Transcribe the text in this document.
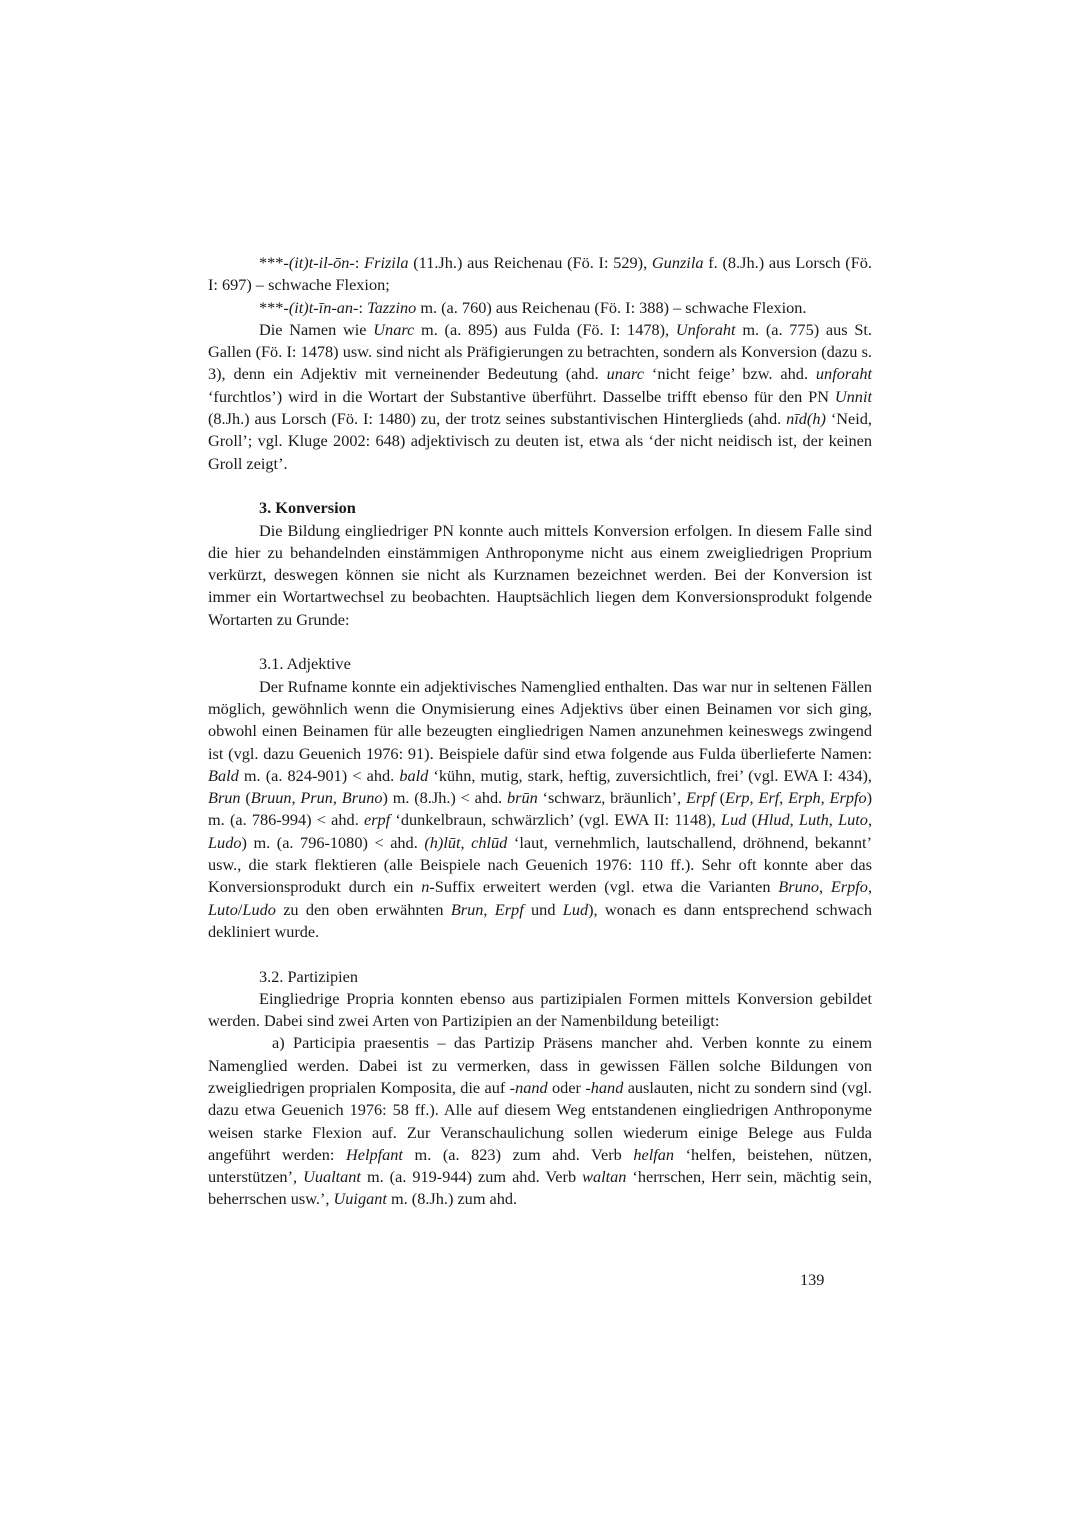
***-(it)t-il-ōn-: Frizila (11.Jh.) aus Reichenau (Fö. I: 529), Gunzila f. (8.Jh.) aus Lorsch (Fö. I: 697) – schwache Flexion;

***-(it)t-īn-an-: Tazzino m. (a. 760) aus Reichenau (Fö. I: 388) – schwache Flexion.

Die Namen wie Unarc m. (a. 895) aus Fulda (Fö. I: 1478), Unforaht m. (a. 775) aus St. Gallen (Fö. I: 1478) usw. sind nicht als Präfigierungen zu betrachten, sondern als Konversion (dazu s. 3), denn ein Adjektiv mit verneinender Bedeutung (ahd. unarc ‘nicht feige’ bzw. ahd. unforaht ‘furchtlos’) wird in die Wortart der Substantive überführt. Dasselbe trifft ebenso für den PN Unnit (8.Jh.) aus Lorsch (Fö. I: 1480) zu, der trotz seines substantivischen Hinterglieds (ahd. nīd(h) ‘Neid, Groll’; vgl. Kluge 2002: 648) adjektivisch zu deuten ist, etwa als ‘der nicht neidisch ist, der keinen Groll zeigt’.

3. Konversion

Die Bildung eingliedriger PN konnte auch mittels Konversion erfolgen. In diesem Falle sind die hier zu behandelnden einstämmigen Anthroponyme nicht aus einem zweigliedrigen Proprium verkürzt, deswegen können sie nicht als Kurznamen bezeichnet werden. Bei der Konversion ist immer ein Wortartwechsel zu beobachten. Hauptsächlich liegen dem Konversionsprodukt folgende Wortarten zu Grunde:

3.1. Adjektive

Der Rufname konnte ein adjektivisches Namenglied enthalten. Das war nur in seltenen Fällen möglich, gewöhnlich wenn die Onymisierung eines Adjektivs über einen Beinamen vor sich ging, obwohl einen Beinamen für alle bezeugten eingliedrigen Namen anzunehmen keineswegs zwingend ist (vgl. dazu Geuenich 1976: 91). Beispiele dafür sind etwa folgende aus Fulda überlieferte Namen: Bald m. (a. 824-901) < ahd. bald ‘kühn, mutig, stark, heftig, zuversichtlich, frei’ (vgl. EWA I: 434), Brun (Bruun, Prun, Bruno) m. (8.Jh.) < ahd. brūn ‘schwarz, bräunlich’, Erpf (Erp, Erf, Erph, Erpfo) m. (a. 786-994) < ahd. erpf ‘dunkelbraun, schwärzlich’ (vgl. EWA II: 1148), Lud (Hlud, Luth, Luto, Ludo) m. (a. 796-1080) < ahd. (h)lūt, chlūd ‘laut, vernehmlich, lautschallend, dröhnend, bekannt’ usw., die stark flektieren (alle Beispiele nach Geuenich 1976: 110 ff.). Sehr oft konnte aber das Konversionsprodukt durch ein n-Suffix erweitert werden (vgl. etwa die Varianten Bruno, Erpfo, Luto/Ludo zu den oben erwähnten Brun, Erpf und Lud), wonach es dann entsprechend schwach dekliniert wurde.

3.2. Partizipien

Eingliedrige Propria konnten ebenso aus partizipialen Formen mittels Konversion gebildet werden. Dabei sind zwei Arten von Partizipien an der Namenbildung beteiligt:

a) Participia praesentis – das Partizip Präsens mancher ahd. Verben konnte zu einem Namenglied werden. Dabei ist zu vermerken, dass in gewissen Fällen solche Bildungen von zweigliedrigen proprialen Komposita, die auf -nand oder -hand auslauten, nicht zu sondern sind (vgl. dazu etwa Geuenich 1976: 58 ff.). Alle auf diesem Weg entstandenen eingliedrigen Anthroponyme weisen starke Flexion auf. Zur Veranschaulichung sollen wiederum einige Belege aus Fulda angeführt werden: Helpfant m. (a. 823) zum ahd. Verb helfan ‘helfen, beistehen, nützen, unterstützen’, Uualtant m. (a. 919-944) zum ahd. Verb waltan ‘herrschen, Herr sein, mächtig sein, beherrschen usw.’, Uuigant m. (8.Jh.) zum ahd.

139
